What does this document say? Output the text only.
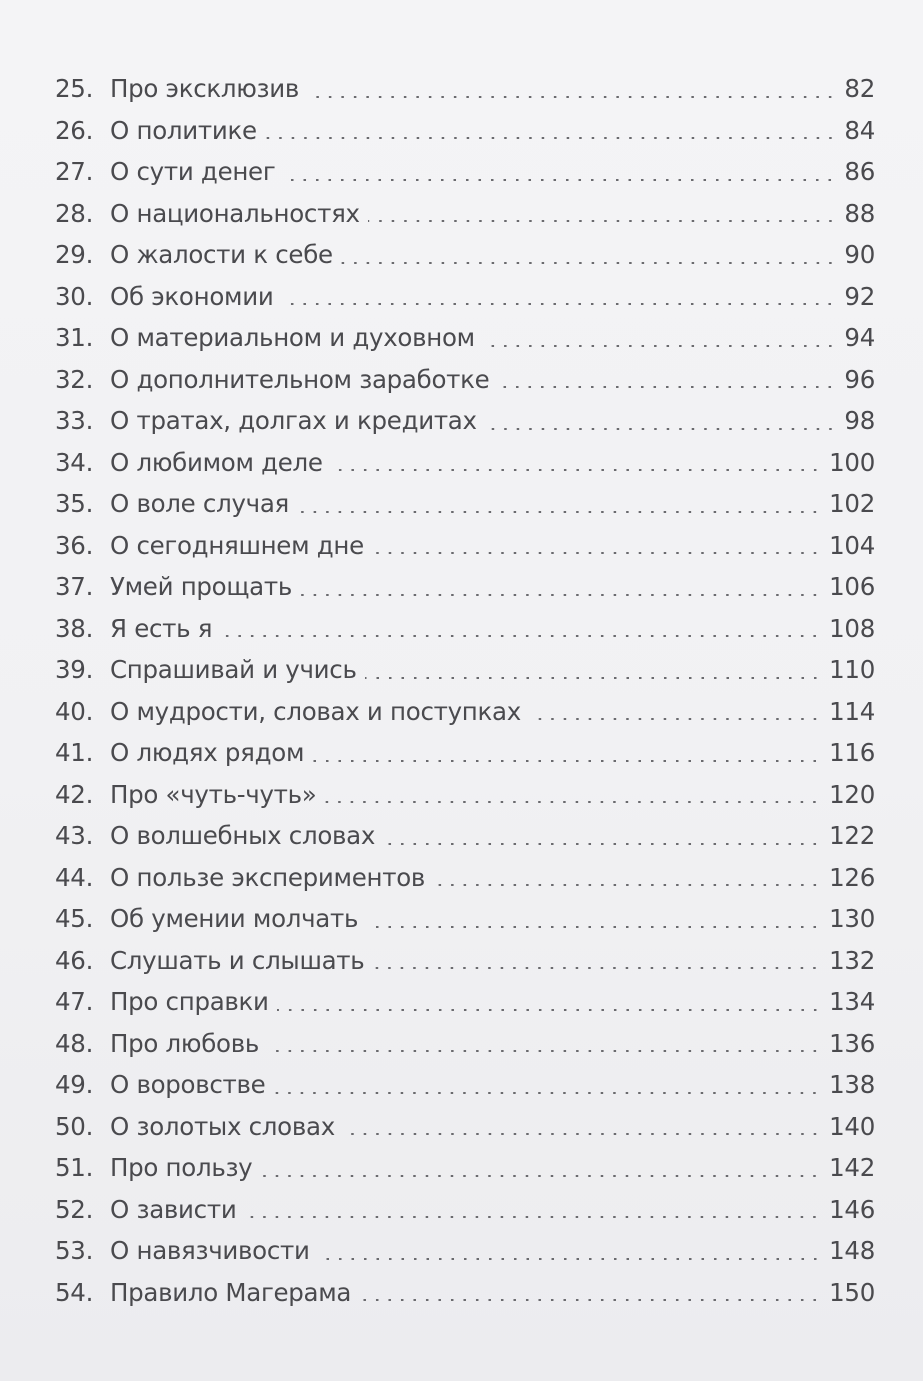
25. Про эксклюзив	82
26. О политике	84
27. О сути денег	86
28. О национальностях	88
29. О жалости к себе	90
30. Об экономии	92
31. О материальном и духовном	94
32. О дополнительном заработке	96
33. О тратах, долгах и кредитах	98
34. О любимом деле	100
35. О воле случая	102
36. О сегодняшнем дне	104
37. Умей прощать	106
38. Я есть я	108
39. Спрашивай и учись	110
40. О мудрости, словах и поступках	114
41. О людях рядом	116
42. Про «чуть-чуть»	120
43. О волшебных словах	122
44. О пользе экспериментов	126
45. Об умении молчать	130
46. Слушать и слышать	132
47. Про справки	134
48. Про любовь	136
49. О воровстве	138
50. О золотых словах	140
51. Про пользу	142
52. О зависти	146
53. О навязчивости	148
54. Правило Магерама	150
